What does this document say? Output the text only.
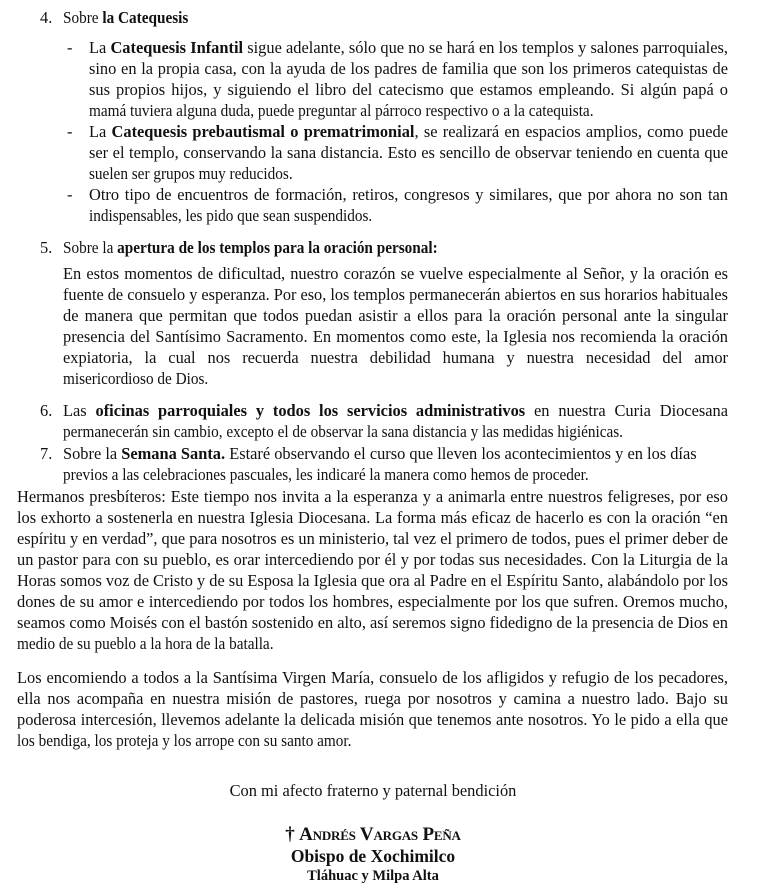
4. Sobre la Catequesis
- La Catequesis Infantil sigue adelante, sólo que no se hará en los templos y salones parroquiales,
sino en la propia casa, con la ayuda de los padres de familia que son los primeros catequistas de
sus propios hijos, y siguiendo el libro del catecismo que estamos empleando. Si algún papá o
mamá tuviera alguna duda, puede preguntar al párroco respectivo o a la catequista.
- La Catequesis prebautismal o prematrimonial, se realizará en espacios amplios, como puede
ser el templo, conservando la sana distancia. Esto es sencillo de observar teniendo en cuenta que
suelen ser grupos muy reducidos.
- Otro tipo de encuentros de formación, retiros, congresos y similares, que por ahora no son tan
indispensables, les pido que sean suspendidos.
5. Sobre la apertura de los templos para la oración personal:
En estos momentos de dificultad, nuestro corazón se vuelve especialmente al Señor, y la oración es
fuente de consuelo y esperanza. Por eso, los templos permanecerán abiertos en sus horarios habituales
de manera que permitan que todos puedan asistir a ellos para la oración personal ante la singular
presencia del Santísimo Sacramento. En momentos como este, la Iglesia nos recomienda la oración
expiatoria, la cual nos recuerda nuestra debilidad humana y nuestra necesidad del amor
misericordioso de Dios.
6. Las oficinas parroquiales y todos los servicios administrativos en nuestra Curia Diocesana
permanecerán sin cambio, excepto el de observar la sana distancia y las medidas higiénicas.
7. Sobre la Semana Santa. Estaré observando el curso que lleven los acontecimientos y en los días
previos a las celebraciones pascuales, les indicaré la manera como hemos de proceder.
Hermanos presbíteros: Este tiempo nos invita a la esperanza y a animarla entre nuestros feligreses, por eso
los exhorto a sostenerla en nuestra Iglesia Diocesana. La forma más eficaz de hacerlo es con la oración “en
espíritu y en verdad”, que para nosotros es un ministerio, tal vez el primero de todos, pues el primer deber de
un pastor para con su pueblo, es orar intercediendo por él y por todas sus necesidades. Con la Liturgia de la
Horas somos voz de Cristo y de su Esposa la Iglesia que ora al Padre en el Espíritu Santo, alabándolo por los
dones de su amor e intercediendo por todos los hombres, especialmente por los que sufren. Oremos mucho,
seamos como Moisés con el bastón sostenido en alto, así seremos signo fidedigno de la presencia de Dios en
medio de su pueblo a la hora de la batalla.
Los encomiendo a todos a la Santísima Virgen María, consuelo de los afligidos y refugio de los pecadores,
ella nos acompaña en nuestra misión de pastores, ruega por nosotros y camina a nuestro lado. Bajo su
poderosa intercesión, llevemos adelante la delicada misión que tenemos ante nosotros. Yo le pido a ella que
los bendiga, los proteja y los arrope con su santo amor.
Con mi afecto fraterno y paternal bendición
† Andrés Vargas Peña
Obispo de Xochimilco
Tláhuac y Milpa Alta
